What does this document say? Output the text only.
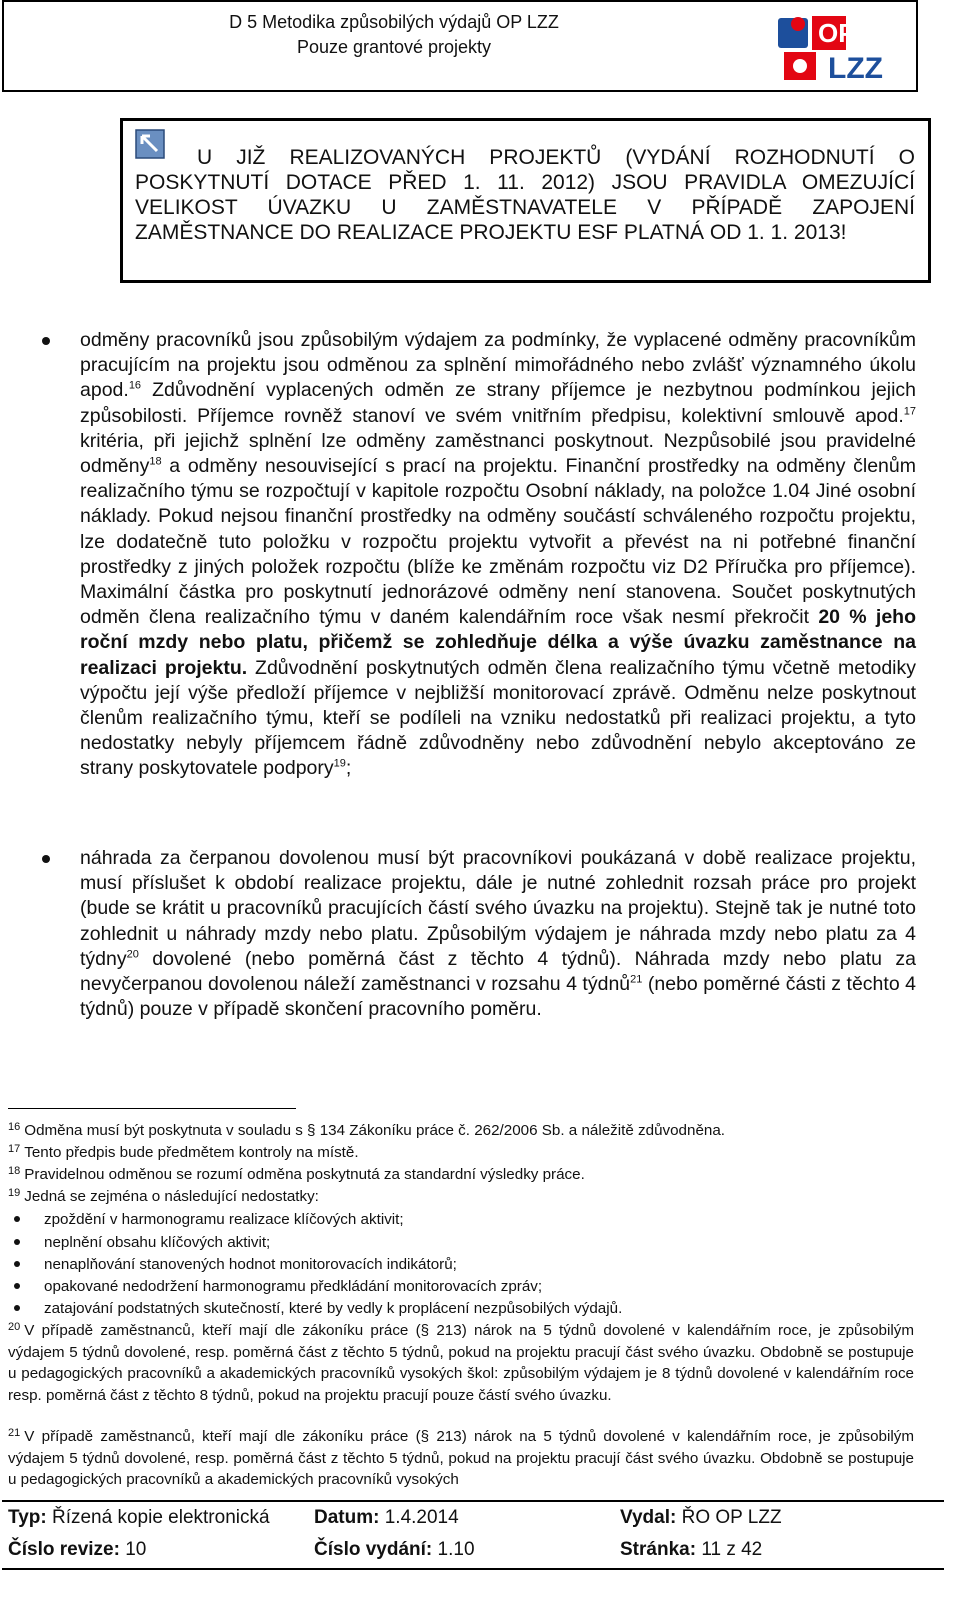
D 5 Metodika způsobilých výdajů OP LZZ
Pouze grantové projekty	OP
LZZ
U JIŽ REALIZOVANÝCH PROJEKTŮ (VYDÁNÍ ROZHODNUTÍ O POSKYTNUTÍ DOTACE PŘED 1. 11. 2012) JSOU PRAVIDLA OMEZUJÍCÍ VELIKOST ÚVAZKU U ZAMĚSTNAVATELE V PŘÍPADĚ ZAPOJENÍ ZAMĚSTNANCE DO REALIZACE PROJEKTU ESF PLATNÁ OD 1. 1. 2013!
odměny pracovníků jsou způsobilým výdajem za podmínky, že vyplacené odměny pracovníkům pracujícím na projektu jsou odměnou za splnění mimořádného nebo zvlášť významného úkolu apod.$^{16}$ Zdůvodnění vyplacených odměn ze strany příjemce je nezbytnou podmínkou jejich způsobilosti. Příjemce rovněž stanoví ve svém vnitřním předpisu, kolektivní smlouvě apod.$^{17}$ kritéria, při jejichž splnění lze odměny zaměstnanci poskytnout. Nezpůsobilé jsou pravidelné odměny$^{18}$ a odměny nesouvisející s prací na projektu. Finanční prostředky na odměny členům realizačního týmu se rozpočtují v kapitole rozpočtu Osobní náklady, na položce 1.04 Jiné osobní náklady. Pokud nejsou finanční prostředky na odměny součástí schváleného rozpočtu projektu, lze dodatečně tuto položku v rozpočtu projektu vytvořit a převést na ni potřebné finanční prostředky z jiných položek rozpočtu (blíže ke změnám rozpočtu viz D2 Příručka pro příjemce). Maximální částka pro poskytnutí jednorázové odměny není stanovena. Součet poskytnutých odměn člena realizačního týmu v daném kalendářním roce však nesmí překročit 20 % jeho roční mzdy nebo platu, přičemž se zohledňuje délka a výše úvazku zaměstnance na realizaci projektu. Zdůvodnění poskytnutých odměn člena realizačního týmu včetně metodiky výpočtu její výše předloží příjemce v nejbližší monitorovací zprávě. Odměnu nelze poskytnout členům realizačního týmu, kteří se podíleli na vzniku nedostatků při realizaci projektu, a tyto nedostatky nebyly příjemcem řádně zdůvodněny nebo zdůvodnění nebylo akceptováno ze strany poskytovatele podpory$^{19}$;
náhrada za čerpanou dovolenou musí být pracovníkovi poukázaná v době realizace projektu, musí příslušet k období realizace projektu, dále je nutné zohlednit rozsah práce pro projekt (bude se krátit u pracovníků pracujících částí svého úvazku na projektu). Stejně tak je nutné toto zohlednit u náhrady mzdy nebo platu. Způsobilým výdajem je náhrada mzdy nebo platu za 4 týdny$^{20}$ dovolené (nebo poměrná část z těchto 4 týdnů). Náhrada mzdy nebo platu za nevyčerpanou dovolenou náleží zaměstnanci v rozsahu 4 týdnů$^{21}$ (nebo poměrné části z těchto 4 týdnů) pouze v případě skončení pracovního poměru.
$^{16}$ Odměna musí být poskytnuta v souladu s § 134 Zákoníku práce č. 262/2006 Sb. a náležitě zdůvodněna.
$^{17}$ Tento předpis bude předmětem kontroly na místě.
$^{18}$ Pravidelnou odměnou se rozumí odměna poskytnutá za standardní výsledky práce.
$^{19}$ Jedná se zejména o následující nedostatky:
zpoždění v harmonogramu realizace klíčových aktivit;
neplnění obsahu klíčových aktivit;
nenaplňování stanovených hodnot monitorovacích indikátorů;
opakované nedodržení harmonogramu předkládání monitorovacích zpráv;
zatajování podstatných skutečností, které by vedly k proplácení nezpůsobilých výdajů.
$^{20}$ V případě zaměstnanců, kteří mají dle zákoníku práce (§ 213) nárok na 5 týdnů dovolené v kalendářním roce, je způsobilým výdajem 5 týdnů dovolené, resp. poměrná část z těchto 5 týdnů, pokud na projektu pracují část svého úvazku. Obdobně se postupuje u pedagogických pracovníků a akademických pracovníků vysokých škol: způsobilým výdajem je 8 týdnů dovolené v kalendářním roce resp. poměrná část z těchto 8 týdnů, pokud na projektu pracují pouze částí svého úvazku.
$^{21}$ V případě zaměstnanců, kteří mají dle zákoníku práce (§ 213) nárok na 5 týdnů dovolené v kalendářním roce, je způsobilým výdajem 5 týdnů dovolené, resp. poměrná část z těchto 5 týdnů, pokud na projektu pracují část svého úvazku. Obdobně se postupuje u pedagogických pracovníků a akademických pracovníků vysokých
Typ: Řízená kopie elektronická Datum: 1.4.2014	Vydal: ŘO OP LZZ
Číslo revize: 10	Číslo vydání: 1.10	Stránka: 11 z 42
